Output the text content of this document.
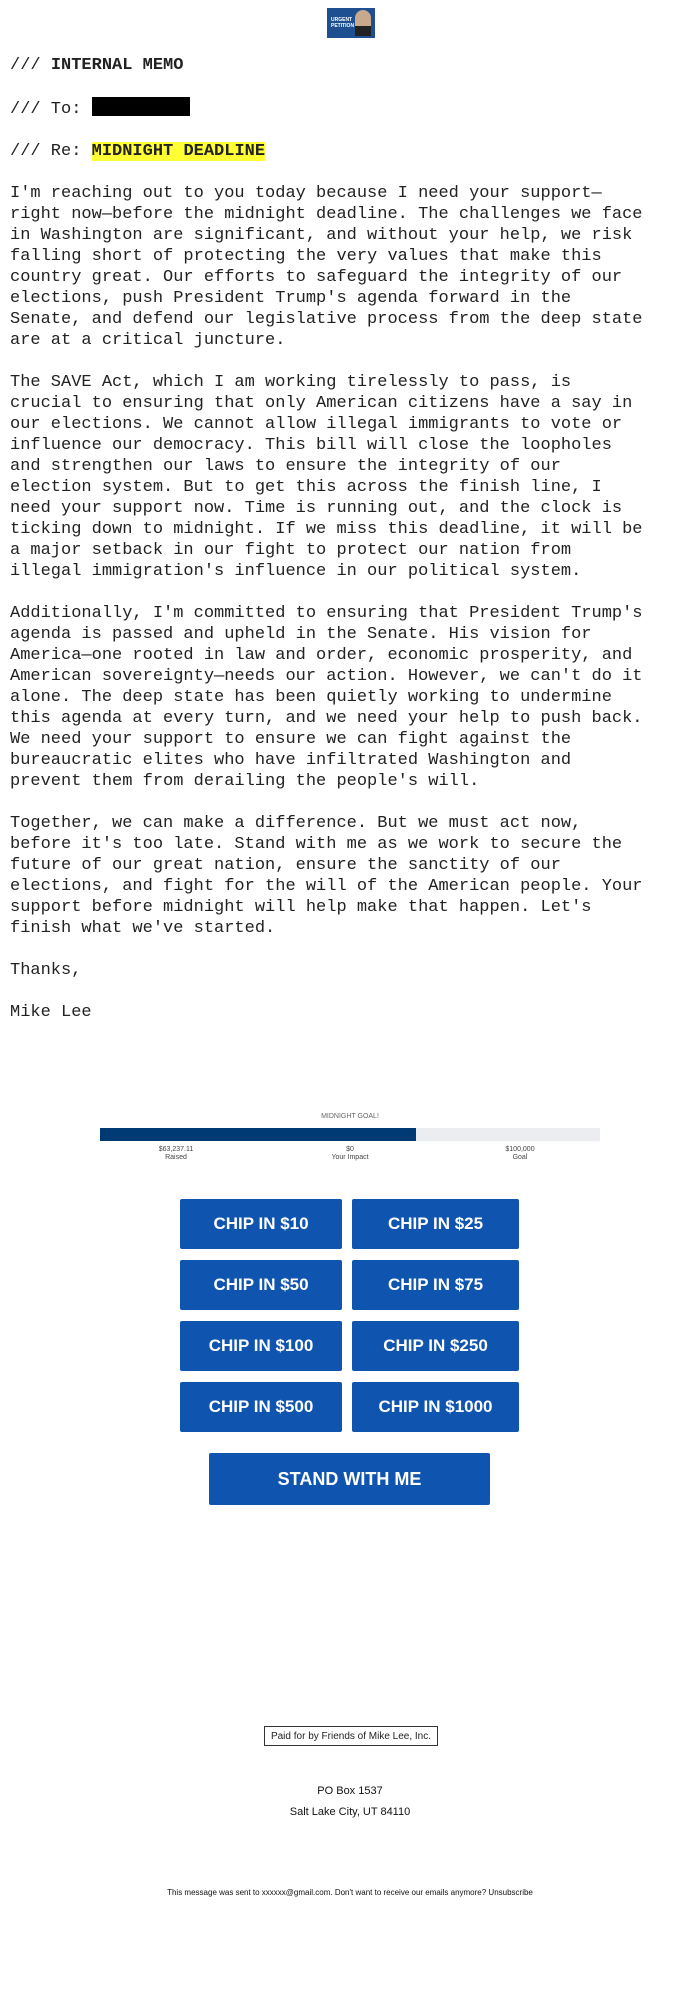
URGENT PETITION
/// INTERNAL MEMO
/// To:
/// Re: MIDNIGHT DEADLINE

I'm reaching out to you today because I need your support—
right now—before the midnight deadline. The challenges we face
in Washington are significant, and without your help, we risk
falling short of protecting the very values that make this
country great. Our efforts to safeguard the integrity of our
elections, push President Trump's agenda forward in the
Senate, and defend our legislative process from the deep state
are at a critical juncture.

The SAVE Act, which I am working tirelessly to pass, is
crucial to ensuring that only American citizens have a say in
our elections. We cannot allow illegal immigrants to vote or
influence our democracy. This bill will close the loopholes
and strengthen our laws to ensure the integrity of our
election system. But to get this across the finish line, I
need your support now. Time is running out, and the clock is
ticking down to midnight. If we miss this deadline, it will be
a major setback in our fight to protect our nation from
illegal immigration's influence in our political system.

Additionally, I'm committed to ensuring that President Trump's
agenda is passed and upheld in the Senate. His vision for
America—one rooted in law and order, economic prosperity, and
American sovereignty—needs our action. However, we can't do it
alone. The deep state has been quietly working to undermine
this agenda at every turn, and we need your help to push back.
We need your support to ensure we can fight against the
bureaucratic elites who have infiltrated Washington and
prevent them from derailing the people's will.

Together, we can make a difference. But we must act now,
before it's too late. Stand with me as we work to secure the
future of our great nation, ensure the sanctity of our
elections, and fight for the will of the American people. Your
support before midnight will help make that happen. Let's
finish what we've started.

Thanks,

Mike Lee

MIDNIGHT GOAL!
$63,237.11
Raised
$0
Your Impact
$100,000
Goal
CHIP IN $10	CHIP IN $25
CHIP IN $50	CHIP IN $75
CHIP IN $100	CHIP IN $250
CHIP IN $500	CHIP IN $1000
STAND WITH ME
Paid for by Friends of Mike Lee, Inc.
PO Box 1537
Salt Lake City, UT 84110
This message was sent to xxxxxx@gmail.com. Don't want to receive our emails anymore? Unsubscribe
